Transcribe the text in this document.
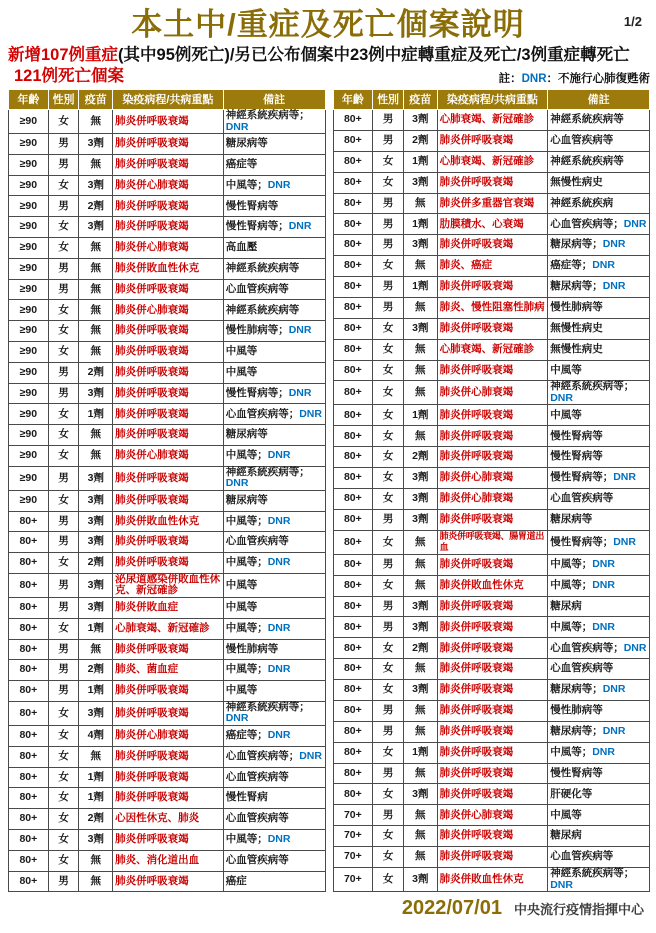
1/2
本土中/重症及死亡個案說明
新增107例重症(其中95例死亡)/另已公布個案中23例中症轉重症及死亡/3例重症轉死亡
121例死亡個案	註：DNR：不施行心肺復甦術
年齡	性別	疫苗	染疫病程/共病重點	備註
≥90	女	無	肺炎併呼吸衰竭	神經系統疾病等；DNR
≥90	男	3劑	肺炎併呼吸衰竭	糖尿病等
≥90	男	無	肺炎併呼吸衰竭	癌症等
≥90	女	3劑	肺炎併心肺衰竭	中風等；DNR
≥90	男	2劑	肺炎併呼吸衰竭	慢性腎病等
≥90	女	3劑	肺炎併呼吸衰竭	慢性腎病等；DNR
≥90	女	無	肺炎併心肺衰竭	高血壓
≥90	男	無	肺炎併敗血性休克	神經系統疾病等
≥90	男	無	肺炎併呼吸衰竭	心血管疾病等
≥90	女	無	肺炎併心肺衰竭	神經系統疾病等
≥90	女	無	肺炎併呼吸衰竭	慢性肺病等；DNR
≥90	女	無	肺炎併呼吸衰竭	中風等
≥90	男	2劑	肺炎併呼吸衰竭	中風等
≥90	男	3劑	肺炎併呼吸衰竭	慢性腎病等；DNR
≥90	女	1劑	肺炎併呼吸衰竭	心血管疾病等；DNR
≥90	女	無	肺炎併呼吸衰竭	糖尿病等
≥90	女	無	肺炎併心肺衰竭	中風等；DNR
≥90	男	3劑	肺炎併呼吸衰竭	神經系統疾病等；DNR
≥90	女	3劑	肺炎併呼吸衰竭	糖尿病等
80+	男	3劑	肺炎併敗血性休克	中風等；DNR
80+	男	3劑	肺炎併呼吸衰竭	心血管疾病等
80+	女	2劑	肺炎併呼吸衰竭	中風等；DNR
80+	男	3劑	泌尿道感染併敗血性休克、新冠確診	中風等
80+	男	3劑	肺炎併敗血症	中風等
80+	女	1劑	心肺衰竭、新冠確診	中風等；DNR
80+	男	無	肺炎併呼吸衰竭	慢性肺病等
80+	男	2劑	肺炎、菌血症	中風等；DNR
80+	男	1劑	肺炎併呼吸衰竭	中風等
80+	女	3劑	肺炎併呼吸衰竭	神經系統疾病等；DNR
80+	女	4劑	肺炎併心肺衰竭	癌症等；DNR
80+	女	無	肺炎併呼吸衰竭	心血管疾病等；DNR
80+	女	1劑	肺炎併呼吸衰竭	心血管疾病等
80+	女	1劑	肺炎併呼吸衰竭	慢性腎病
80+	女	2劑	心因性休克、肺炎	心血管疾病等
80+	女	3劑	肺炎併呼吸衰竭	中風等；DNR
80+	女	無	肺炎、消化道出血	心血管疾病等
80+	男	無	肺炎併呼吸衰竭	癌症
年齡	性別	疫苗	染疫病程/共病重點	備註
80+	男	3劑	心肺衰竭、新冠確診	神經系統疾病等
80+	男	2劑	肺炎併呼吸衰竭	心血管疾病等
80+	女	1劑	心肺衰竭、新冠確診	神經系統疾病等
80+	女	3劑	肺炎併呼吸衰竭	無慢性病史
80+	男	無	肺炎併多重器官衰竭	神經系統疾病
80+	男	1劑	肋膜積水、心衰竭	心血管疾病等；DNR
80+	男	3劑	肺炎併呼吸衰竭	糖尿病等；DNR
80+	女	無	肺炎、癌症	癌症等；DNR
80+	男	1劑	肺炎併呼吸衰竭	糖尿病等；DNR
80+	男	無	肺炎、慢性阻塞性肺病	慢性肺病等
80+	女	3劑	肺炎併呼吸衰竭	無慢性病史
80+	女	無	心肺衰竭、新冠確診	無慢性病史
80+	女	無	肺炎併呼吸衰竭	中風等
80+	女	無	肺炎併心肺衰竭	神經系統疾病等；DNR
80+	女	1劑	肺炎併呼吸衰竭	中風等
80+	女	無	肺炎併呼吸衰竭	慢性腎病等
80+	女	2劑	肺炎併呼吸衰竭	慢性腎病等
80+	女	3劑	肺炎併心肺衰竭	慢性腎病等；DNR
80+	女	3劑	肺炎併心肺衰竭	心血管疾病等
80+	男	3劑	肺炎併呼吸衰竭	糖尿病等
80+	女	無	肺炎併呼吸衰竭、腸胃道出血	慢性腎病等；DNR
80+	男	無	肺炎併呼吸衰竭	中風等；DNR
80+	女	無	肺炎併敗血性休克	中風等；DNR
80+	男	3劑	肺炎併呼吸衰竭	糖尿病
80+	男	3劑	肺炎併呼吸衰竭	中風等；DNR
80+	女	2劑	肺炎併呼吸衰竭	心血管疾病等；DNR
80+	女	無	肺炎併呼吸衰竭	心血管疾病等
80+	女	3劑	肺炎併呼吸衰竭	糖尿病等；DNR
80+	男	無	肺炎併呼吸衰竭	慢性肺病等
80+	男	無	肺炎併呼吸衰竭	糖尿病等；DNR
80+	女	1劑	肺炎併呼吸衰竭	中風等；DNR
80+	男	無	肺炎併呼吸衰竭	慢性腎病等
80+	女	3劑	肺炎併呼吸衰竭	肝硬化等
70+	男	無	肺炎併心肺衰竭	中風等
70+	女	無	肺炎併呼吸衰竭	糖尿病
70+	女	無	肺炎併呼吸衰竭	心血管疾病等
70+	女	3劑	肺炎併敗血性休克	神經系統疾病等；DNR
2022/07/01 中央流行疫情指揮中心
